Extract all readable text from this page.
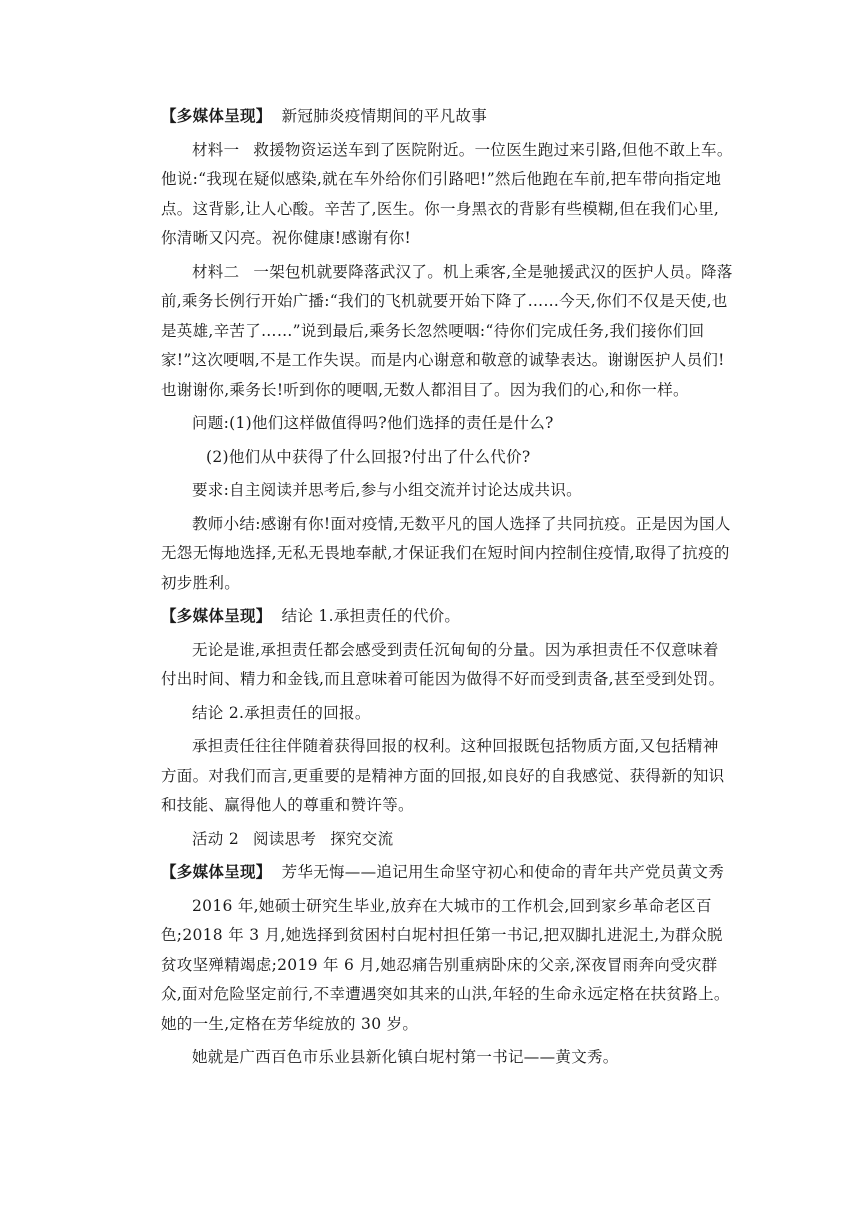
【多媒体呈现】 新冠肺炎疫情期间的平凡故事

材料一 救援物资运送车到了医院附近。一位医生跑过来引路,但他不敢上车。他说:“我现在疑似感染,就在车外给你们引路吧!”然后他跑在车前,把车带向指定地点。这背影,让人心酸。辛苦了,医生。你一身黑衣的背影有些模糊,但在我们心里,你清晰又闪亮。祝你健康!感谢有你!

材料二 一架包机就要降落武汉了。机上乘客,全是驰援武汉的医护人员。降落前,乘务长例行开始广播:“我们的飞机就要开始下降了……今天,你们不仅是天使,也是英雄,辛苦了……”说到最后,乘务长忽然哽咽:“待你们完成任务,我们接你们回家!”这次哽咽,不是工作失误。而是内心谢意和敬意的诚挚表达。谢谢医护人员们!也谢谢你,乘务长!听到你的哽咽,无数人都泪目了。因为我们的心,和你一样。

问题:(1)他们这样做值得吗?他们选择的责任是什么?

(2)他们从中获得了什么回报?付出了什么代价?

要求:自主阅读并思考后,参与小组交流并讨论达成共识。

教师小结:感谢有你!面对疫情,无数平凡的国人选择了共同抗疫。正是因为国人无怨无悔地选择,无私无畏地奉献,才保证我们在短时间内控制住疫情,取得了抗疫的初步胜利。

【多媒体呈现】 结论 1.承担责任的代价。

无论是谁,承担责任都会感受到责任沉甸甸的分量。因为承担责任不仅意味着付出时间、精力和金钱,而且意味着可能因为做得不好而受到责备,甚至受到处罚。

结论 2.承担责任的回报。

承担责任往往伴随着获得回报的权利。这种回报既包括物质方面,又包括精神方面。对我们而言,更重要的是精神方面的回报,如良好的自我感觉、获得新的知识和技能、赢得他人的尊重和赞许等。

活动 2 阅读思考 探究交流

【多媒体呈现】 芳华无悔——追记用生命坚守初心和使命的青年共产党员黄文秀

2016 年,她硕士研究生毕业,放弃在大城市的工作机会,回到家乡革命老区百色;2018 年 3 月,她选择到贫困村白坭村担任第一书记,把双脚扎进泥土,为群众脱贫攻坚殚精竭虑;2019 年 6 月,她忍痛告别重病卧床的父亲,深夜冒雨奔向受灾群众,面对危险坚定前行,不幸遭遇突如其来的山洪,年轻的生命永远定格在扶贫路上。她的一生,定格在芳华绽放的 30 岁。

她就是广西百色市乐业县新化镇白坭村第一书记——黄文秀。
